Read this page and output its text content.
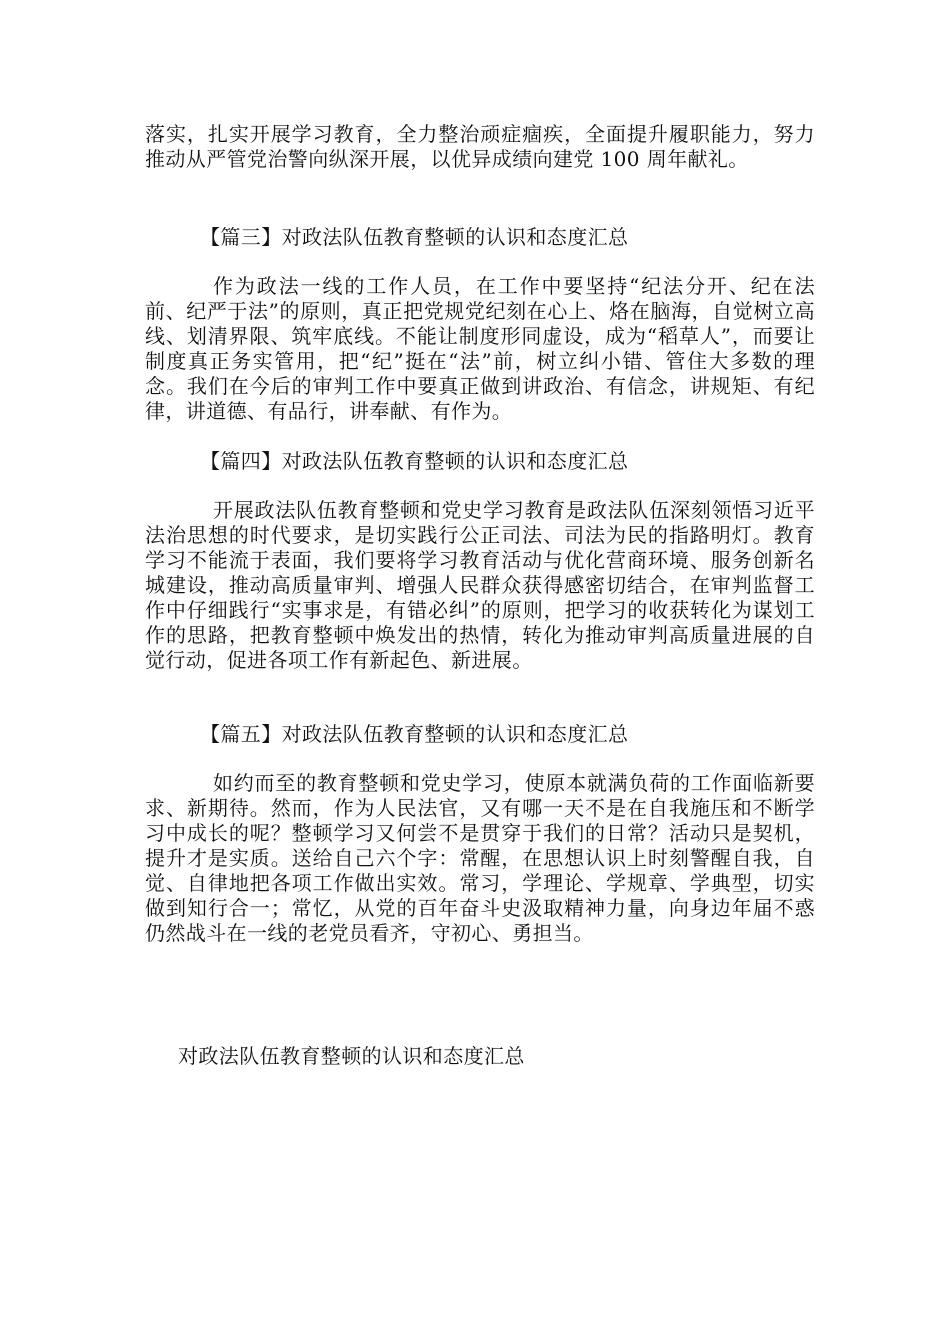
落实，扎实开展学习教育，全力整治顽症痼疾，全面提升履职能力，努力推动从严管党治警向纵深开展，以优异成绩向建党 100 周年献礼。

【篇三】对政法队伍教育整顿的认识和态度汇总

作为政法一线的工作人员，在工作中要坚持“纪法分开、纪在法前、纪严于法”的原则，真正把党规党纪刻在心上、烙在脑海，自觉树立高线、划清界限、筑牢底线。不能让制度形同虚设，成为“稻草人”，而要让制度真正务实管用，把“纪”挺在“法”前，树立纠小错、管住大多数的理念。我们在今后的审判工作中要真正做到讲政治、有信念，讲规矩、有纪律，讲道德、有品行，讲奉献、有作为。

【篇四】对政法队伍教育整顿的认识和态度汇总

开展政法队伍教育整顿和党史学习教育是政法队伍深刻领悟习近平法治思想的时代要求，是切实践行公正司法、司法为民的指路明灯。教育学习不能流于表面，我们要将学习教育活动与优化营商环境、服务创新名城建设，推动高质量审判、增强人民群众获得感密切结合，在审判监督工作中仔细践行“实事求是，有错必纠”的原则，把学习的收获转化为谋划工作的思路，把教育整顿中焕发出的热情，转化为推动审判高质量进展的自觉行动，促进各项工作有新起色、新进展。

【篇五】对政法队伍教育整顿的认识和态度汇总

如约而至的教育整顿和党史学习，使原本就满负荷的工作面临新要求、新期待。然而，作为人民法官，又有哪一天不是在自我施压和不断学习中成长的呢？整顿学习又何尝不是贯穿于我们的日常？活动只是契机，提升才是实质。送给自己六个字：常醒，在思想认识上时刻警醒自我，自觉、自律地把各项工作做出实效。常习，学理论、学规章、学典型，切实做到知行合一；常忆，从党的百年奋斗史汲取精神力量，向身边年届不惑仍然战斗在一线的老党员看齐，守初心、勇担当。

对政法队伍教育整顿的认识和态度汇总
